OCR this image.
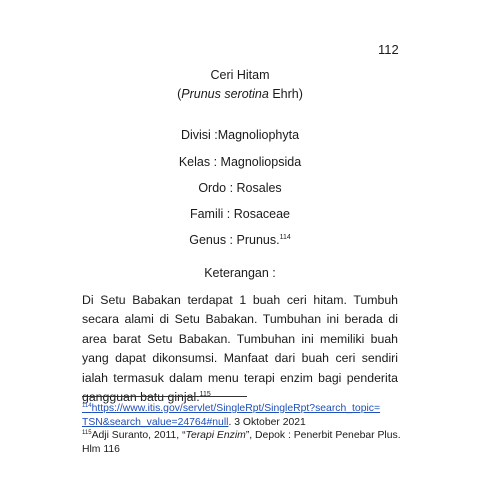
112
Ceri Hitam
(Prunus serotina Ehrh)
Divisi :Magnoliophyta
Kelas : Magnoliopsida
Ordo : Rosales
Famili : Rosaceae
Genus : Prunus.$^{114}$
Keterangan :
Di Setu Babakan terdapat 1 buah ceri hitam. Tumbuh secara alami di Setu Babakan. Tumbuhan ini berada di area barat Setu Babakan. Tumbuhan ini memiliki buah yang dapat dikonsumsi. Manfaat dari buah ceri sendiri ialah termasuk dalam menu terapi enzim bagi penderita gangguan batu ginjal.$^{115}$

$^{114}$https://www.itis.gov/servlet/SingleRpt/SingleRpt?search_topic=
TSN&search_value=24764#null. 3 Oktober 2021

$^{115}$Adji Suranto, 2011, “Terapi Enzim”, Depok : Penerbit Penebar Plus. Hlm 116
